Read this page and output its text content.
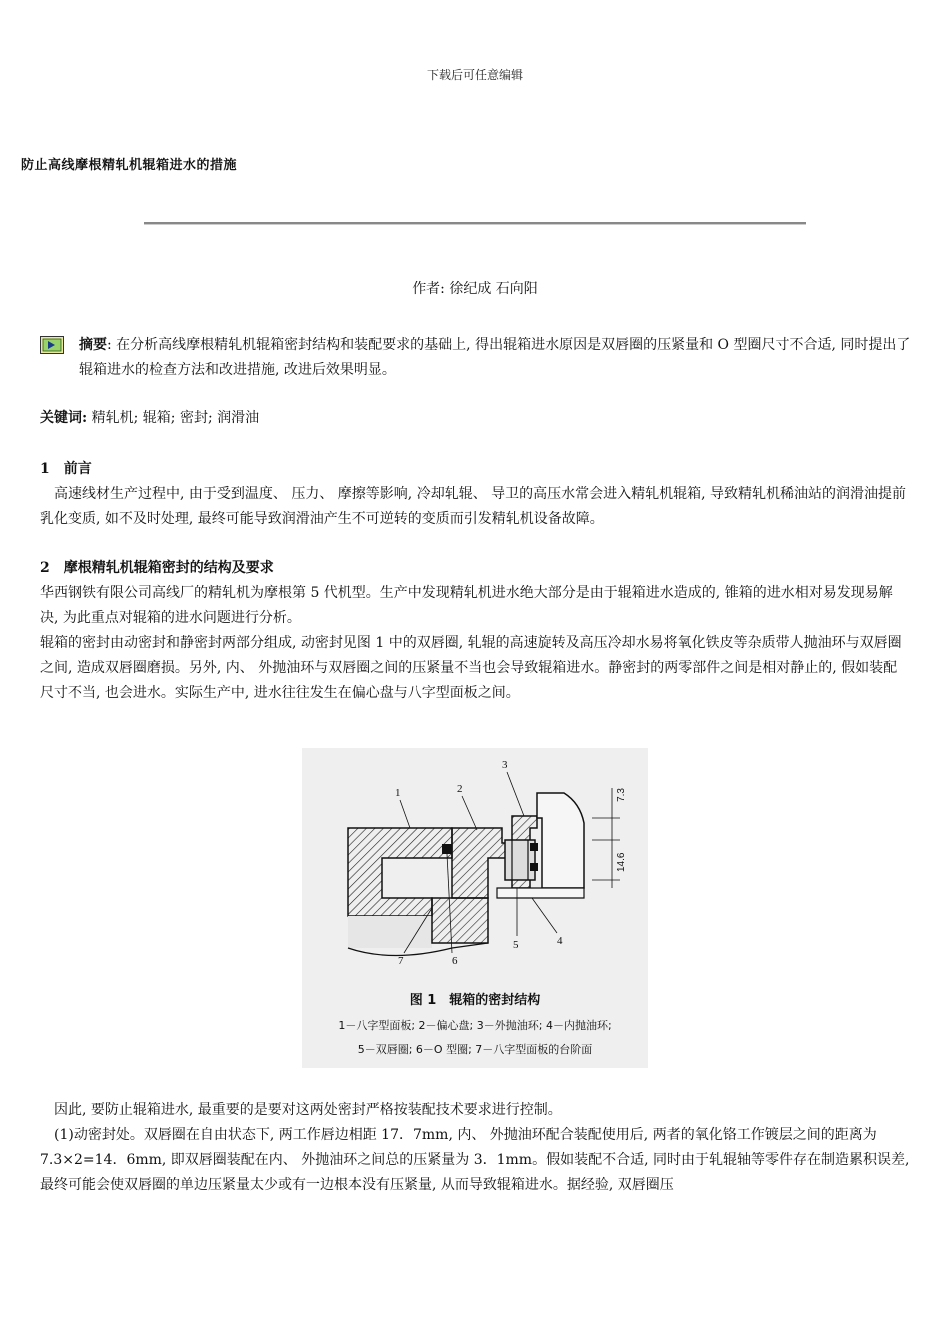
下载后可任意编辑
防止高线摩根精轧机辊箱进水的措施
作者: 徐纪成 石向阳
摘要: 在分析高线摩根精轧机辊箱密封结构和装配要求的基础上, 得出辊箱进水原因是双唇圈的压紧量和 O 型圈尺寸不合适, 同时提出了辊箱进水的检查方法和改进措施, 改进后效果明显。
关键词: 精轧机; 辊箱; 密封; 润滑油
1　前言

　高速线材生产过程中, 由于受到温度、 压力、 摩擦等影响, 冷却轧辊、 导卫的高压水常会进入精轧机辊箱, 导致精轧机稀油站的润滑油提前乳化变质, 如不及时处理, 最终可能导致润滑油产生不可逆转的变质而引发精轧机设备故障。

2　摩根精轧机辊箱密封的结构及要求

华西钢铁有限公司高线厂的精轧机为摩根第 5 代机型。生产中发现精轧机进水绝大部分是由于辊箱进水造成的, 锥箱的进水相对易发现易解决, 为此重点对辊箱的进水问题进行分析。

辊箱的密封由动密封和静密封两部分组成, 动密封见图 1 中的双唇圈, 轧辊的高速旋转及高压冷却水易将氧化铁皮等杂质带人抛油环与双唇圈之间, 造成双唇圈磨损。另外, 内、 外抛油环与双唇圈之间的压紧量不当也会导致辊箱进水。静密封的两零部件之间是相对静止的, 假如装配尺寸不当, 也会进水。实际生产中, 进水往往发生在偏心盘与八字型面板之间。

7.3
14.6
1	2
3
4
5
6
7
图 1　辊箱的密封结构
1－八字型面板; 2－偏心盘; 3－外抛油环; 4－内抛油环;
5－双唇圈; 6－O 型圈; 7－八字型面板的台阶面

　因此, 要防止辊箱进水, 最重要的是要对这两处密封严格按装配技术要求进行控制。

　(1)动密封处。双唇圈在自由状态下, 两工作唇边相距 17．7mm, 内、 外抛油环配合装配使用后, 两者的氧化铬工作镀层之间的距离为 7.3×2=14．6mm, 即双唇圈装配在内、 外抛油环之间总的压紧量为 3．1mm。假如装配不合适, 同时由于轧辊轴等零件存在制造累积误差, 最终可能会使双唇圈的单边压紧量太少或有一边根本没有压紧量, 从而导致辊箱进水。据经验, 双唇圈压
